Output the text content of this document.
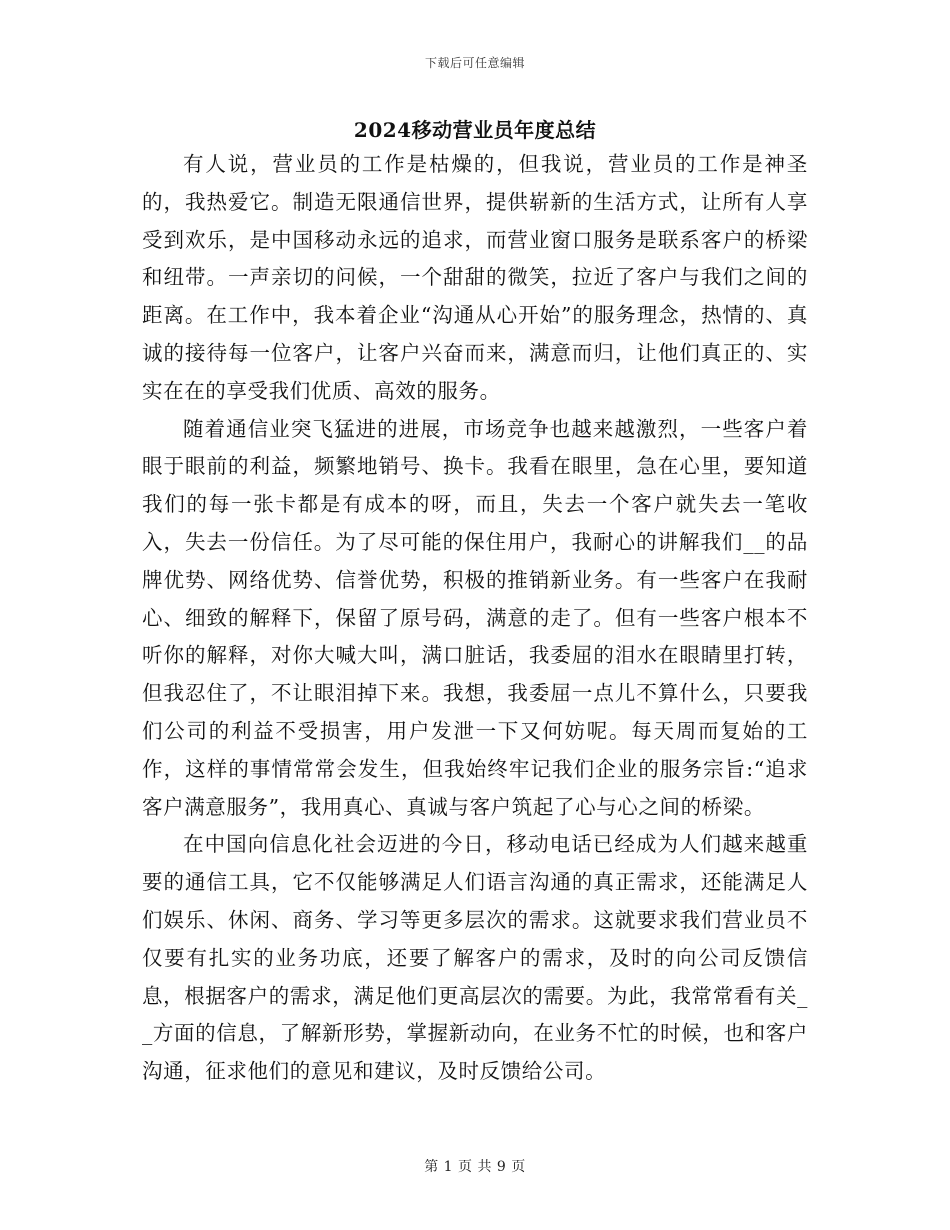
下载后可任意编辑
2024移动营业员年度总结

有人说，营业员的工作是枯燥的，但我说，营业员的工作是神圣的，我热爱它。制造无限通信世界，提供崭新的生活方式，让所有人享受到欢乐，是中国移动永远的追求，而营业窗口服务是联系客户的桥梁和纽带。一声亲切的问候，一个甜甜的微笑，拉近了客户与我们之间的距离。在工作中，我本着企业“沟通从心开始”的服务理念，热情的、真诚的接待每一位客户，让客户兴奋而来，满意而归，让他们真正的、实实在在的享受我们优质、高效的服务。

随着通信业突飞猛进的进展，市场竞争也越来越激烈，一些客户着眼于眼前的利益，频繁地销号、换卡。我看在眼里，急在心里，要知道我们的每一张卡都是有成本的呀，而且，失去一个客户就失去一笔收入，失去一份信任。为了尽可能的保住用户，我耐心的讲解我们__的品牌优势、网络优势、信誉优势，积极的推销新业务。有一些客户在我耐心、细致的解释下，保留了原号码，满意的走了。但有一些客户根本不听你的解释，对你大喊大叫，满口脏话，我委屈的泪水在眼睛里打转，但我忍住了，不让眼泪掉下来。我想，我委屈一点儿不算什么，只要我们公司的利益不受损害，用户发泄一下又何妨呢。每天周而复始的工作，这样的事情常常会发生，但我始终牢记我们企业的服务宗旨:“追求客户满意服务”，我用真心、真诚与客户筑起了心与心之间的桥梁。

在中国向信息化社会迈进的今日，移动电话已经成为人们越来越重要的通信工具，它不仅能够满足人们语言沟通的真正需求，还能满足人们娱乐、休闲、商务、学习等更多层次的需求。这就要求我们营业员不仅要有扎实的业务功底，还要了解客户的需求，及时的向公司反馈信息，根据客户的需求，满足他们更高层次的需要。为此，我常常看有关__方面的信息，了解新形势，掌握新动向，在业务不忙的时候，也和客户沟通，征求他们的意见和建议，及时反馈给公司。

第 1 页 共 9 页
